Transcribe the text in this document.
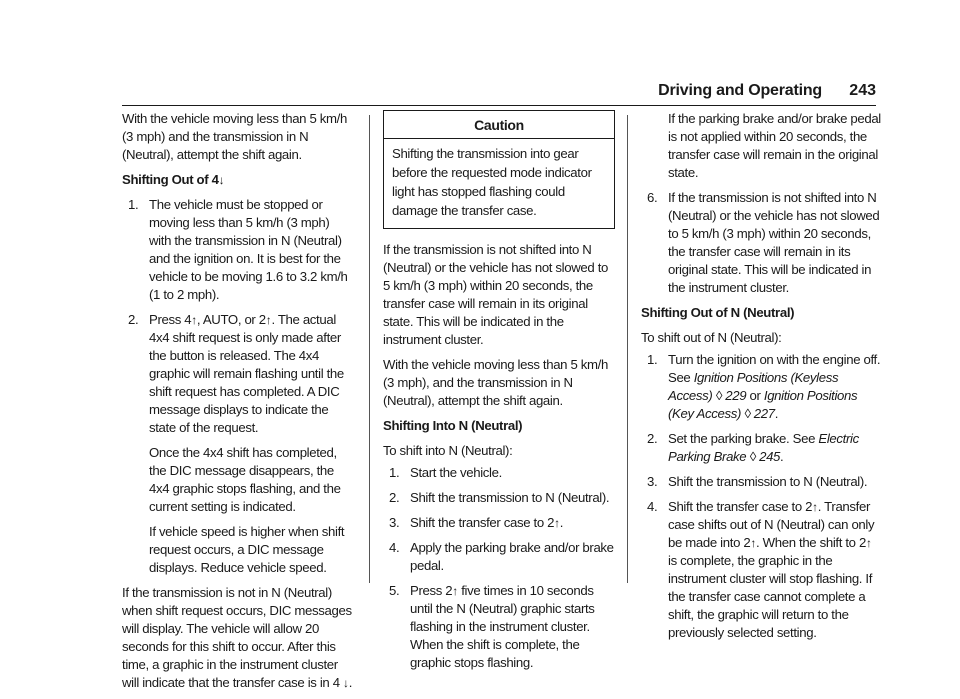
Driving and Operating 243

With the vehicle moving less than 5 km/h (3 mph) and the transmission in N (Neutral), attempt the shift again.

Shifting Out of 4↓

1. The vehicle must be stopped or moving less than 5 km/h (3 mph) with the transmission in N (Neutral) and the ignition on. It is best for the vehicle to be moving 1.6 to 3.2 km/h (1 to 2 mph).
2. Press 4↑, AUTO, or 2↑. The actual 4x4 shift request is only made after the button is released. The 4x4 graphic will remain flashing until the shift request has completed. A DIC message displays to indicate the state of the request.
Once the 4x4 shift has completed, the DIC message disappears, the 4x4 graphic stops flashing, and the current setting is indicated.
If vehicle speed is higher when shift request occurs, a DIC message displays. Reduce vehicle speed.

If the transmission is not in N (Neutral) when shift request occurs, DIC messages will display. The vehicle will allow 20 seconds for this shift to occur. After this time, a graphic in the instrument cluster will indicate that the transfer case is in 4 ↓.

Caution
Shifting the transmission into gear before the requested mode indicator light has stopped flashing could damage the transfer case.

If the transmission is not shifted into N (Neutral) or the vehicle has not slowed to 5 km/h (3 mph) within 20 seconds, the transfer case will remain in its original state. This will be indicated in the instrument cluster.

With the vehicle moving less than 5 km/h (3 mph), and the transmission in N (Neutral), attempt the shift again.

Shifting Into N (Neutral)

To shift into N (Neutral):

1. Start the vehicle.
2. Shift the transmission to N (Neutral).
3. Shift the transfer case to 2↑.
4. Apply the parking brake and/or brake pedal.
5. Press 2↑ five times in 10 seconds until the N (Neutral) graphic starts flashing in the instrument cluster. When the shift is complete, the graphic stops flashing.

If the parking brake and/or brake pedal is not applied within 20 seconds, the transfer case will remain in the original state.

6. If the transmission is not shifted into N (Neutral) or the vehicle has not slowed to 5 km/h (3 mph) within 20 seconds, the transfer case will remain in its original state. This will be indicated in the instrument cluster.

Shifting Out of N (Neutral)

To shift out of N (Neutral):

1. Turn the ignition on with the engine off. See Ignition Positions (Keyless Access) ◊ 229 or Ignition Positions (Key Access) ◊ 227.
2. Set the parking brake. See Electric Parking Brake ◊ 245.
3. Shift the transmission to N (Neutral).
4. Shift the transfer case to 2↑. Transfer case shifts out of N (Neutral) can only be made into 2↑. When the shift to 2↑ is complete, the graphic in the instrument cluster will stop flashing. If the transfer case cannot complete a shift, the graphic will return to the previously selected setting.
